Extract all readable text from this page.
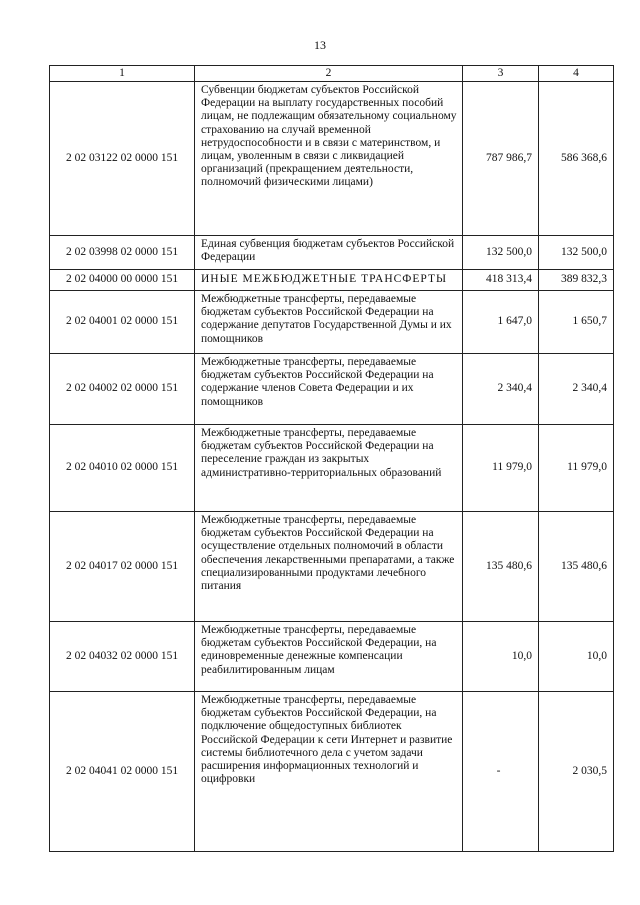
13
1	2	3	4
2 02 03122 02 0000 151	Субвенции бюджетам субъектов Российской Федерации на выплату государственных пособий лицам, не подлежащим обязательному социальному страхованию на случай временной нетрудоспособности и в связи с материнством, и лицам, уволенным в связи с ликвидацией организаций (прекращением деятельности, полномочий физическими лицами)	787 986,7	586 368,6
2 02 03998 02 0000 151	Единая субвенция бюджетам субъектов Российской Федерации	132 500,0	132 500,0
2 02 04000 00 0000 151	ИНЫЕ МЕЖБЮДЖЕТНЫЕ ТРАНСФЕРТЫ	418 313,4	389 832,3
2 02 04001 02 0000 151	Межбюджетные трансферты, передаваемые бюджетам субъектов Российской Федерации на содержание депутатов Государственной Думы и их помощников	1 647,0	1 650,7
2 02 04002 02 0000 151	Межбюджетные трансферты, передаваемые бюджетам субъектов Российской Федерации на содержание членов Совета Федерации и их помощников	2 340,4	2 340,4
2 02 04010 02 0000 151	Межбюджетные трансферты, передаваемые бюджетам субъектов Российской Федерации на переселение граждан из закрытых административно-территориальных образований	11 979,0	11 979,0
2 02 04017 02 0000 151	Межбюджетные трансферты, передаваемые бюджетам субъектов Российской Федерации на осуществление отдельных полномочий в области обеспечения лекарственными препаратами, а также специализированными продуктами лечебного питания	135 480,6	135 480,6
2 02 04032 02 0000 151	Межбюджетные трансферты, передаваемые бюджетам субъектов Российской Федерации, на единовременные денежные компенсации реабилитированным лицам	10,0	10,0
2 02 04041 02 0000 151	Межбюджетные трансферты, передаваемые бюджетам субъектов Российской Федерации, на подключение общедоступных библиотек Российской Федерации к сети Интернет и развитие системы библиотечного дела с учетом задачи расширения информационных технологий и оцифровки	-	2 030,5
